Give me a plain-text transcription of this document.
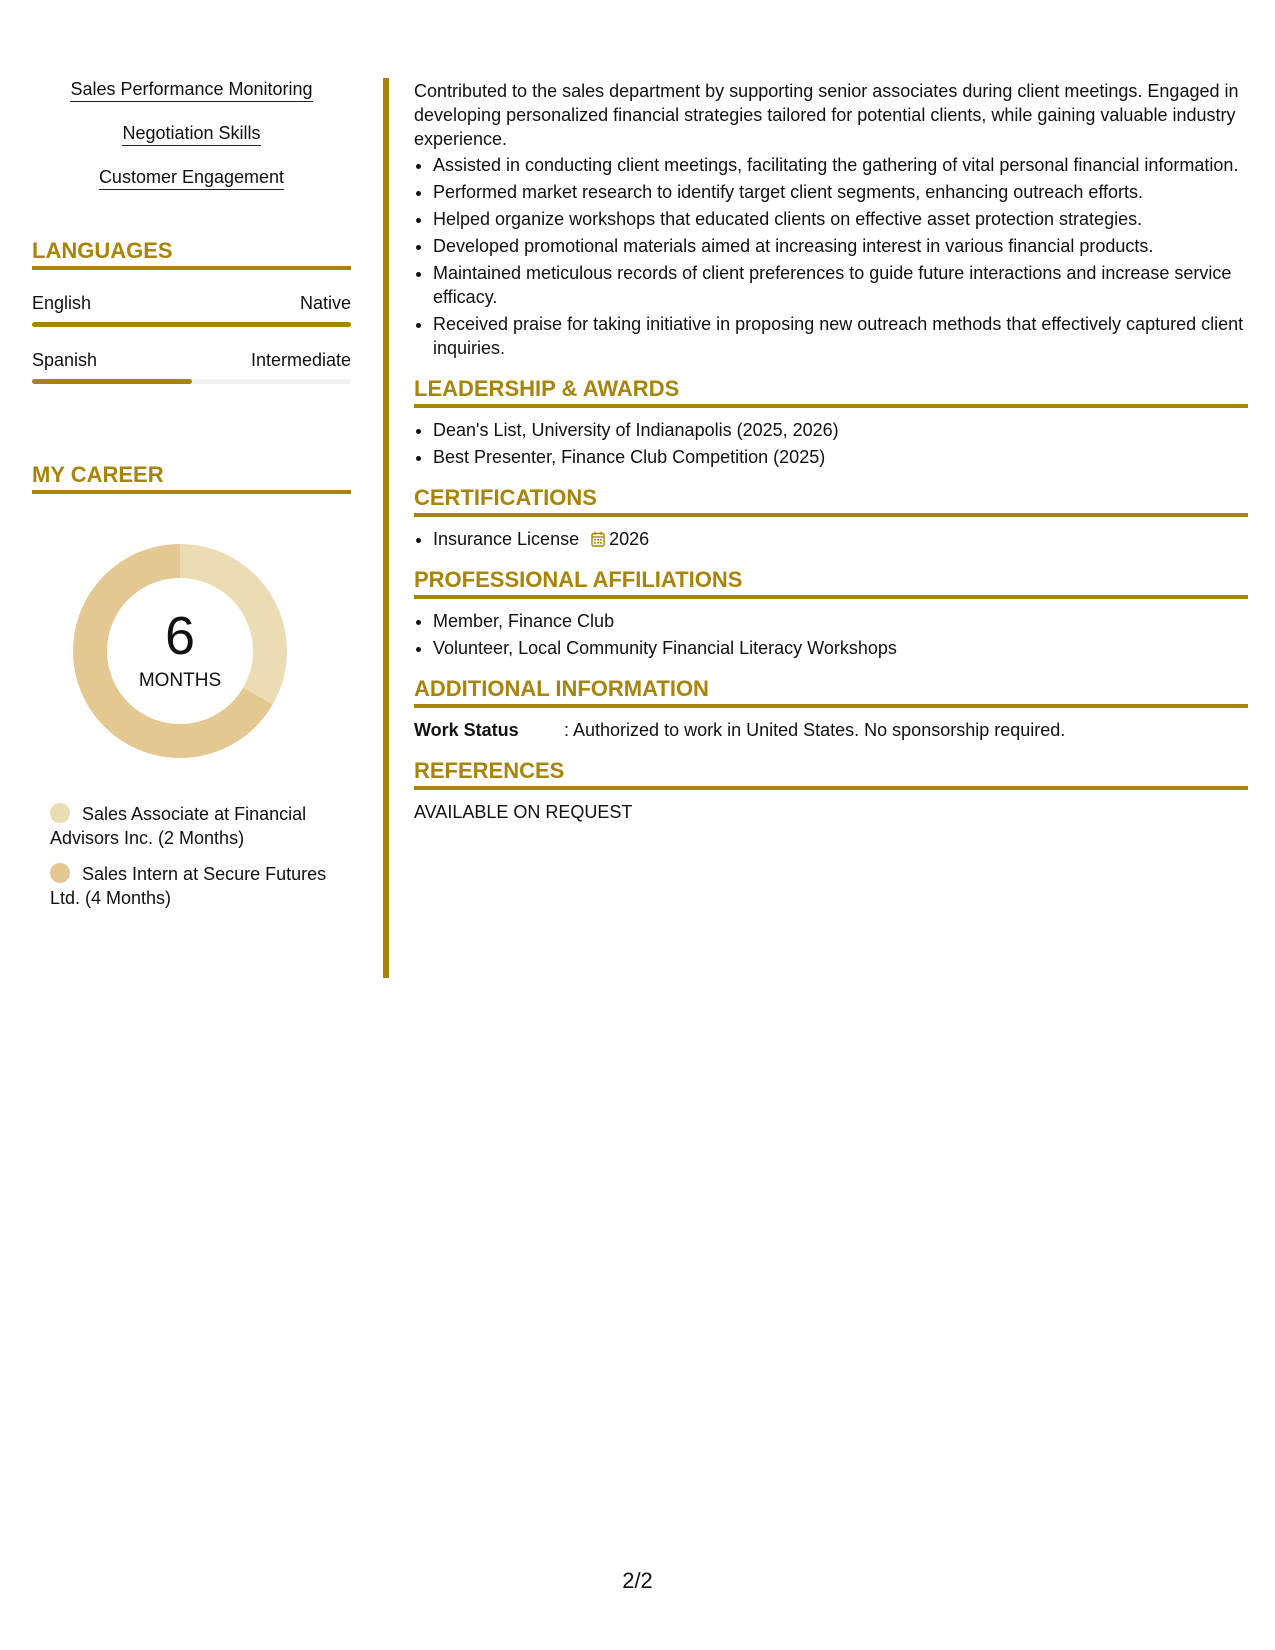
Sales Performance Monitoring
Negotiation Skills
Customer Engagement
LANGUAGES
English	Native
Spanish	Intermediate
MY CAREER
6
MONTHS
Sales Associate at Financial Advisors Inc. (2 Months)
Sales Intern at Secure Futures Ltd. (4 Months)

Contributed to the sales department by supporting senior associates during client meetings. Engaged in developing personalized financial strategies tailored for potential clients, while gaining valuable industry experience.

• Assisted in conducting client meetings, facilitating the gathering of vital personal financial information.
• Performed market research to identify target client segments, enhancing outreach efforts.
• Helped organize workshops that educated clients on effective asset protection strategies.
• Developed promotional materials aimed at increasing interest in various financial products.
• Maintained meticulous records of client preferences to guide future interactions and increase service efficacy.
• Received praise for taking initiative in proposing new outreach methods that effectively captured client inquiries.
LEADERSHIP & AWARDS
• Dean's List, University of Indianapolis (2025, 2026)
• Best Presenter, Finance Club Competition (2025)
CERTIFICATIONS
• Insurance License 2026
PROFESSIONAL AFFILIATIONS
• Member, Finance Club
• Volunteer, Local Community Financial Literacy Workshops
ADDITIONAL INFORMATION
Work Status	: Authorized to work in United States. No sponsorship required.
REFERENCES
AVAILABLE ON REQUEST
2/2
